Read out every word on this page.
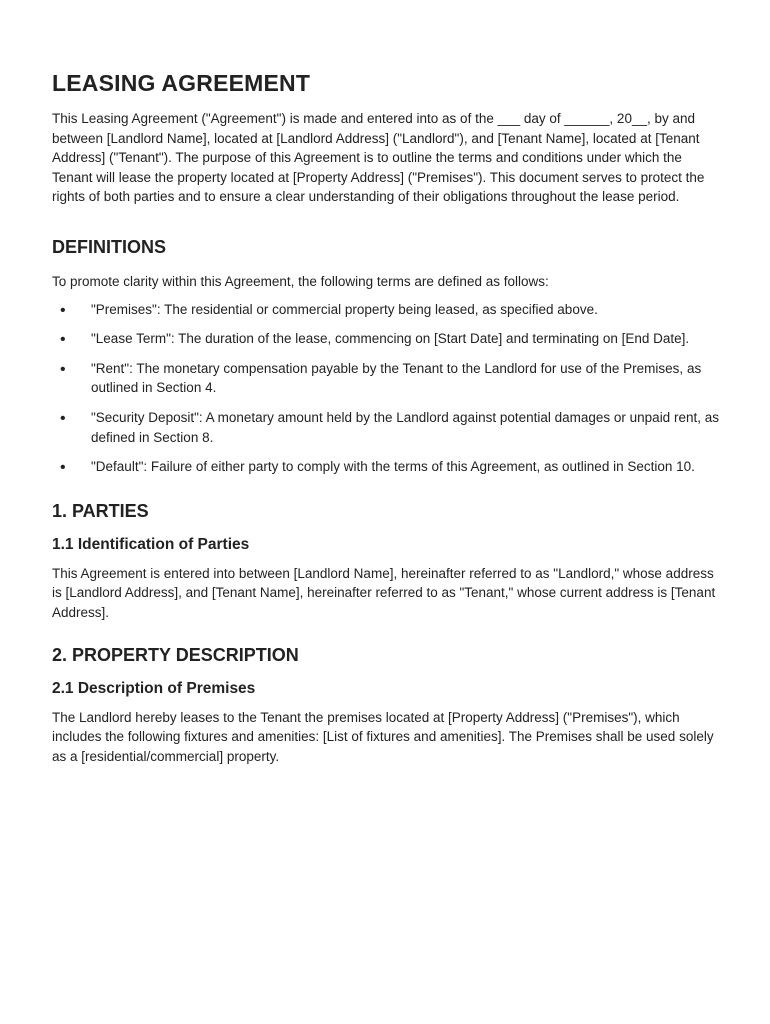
LEASING AGREEMENT

This Leasing Agreement ("Agreement") is made and entered into as of the ___ day of ______, 20__, by and between [Landlord Name], located at [Landlord Address] ("Landlord"), and [Tenant Name], located at [Tenant Address] ("Tenant"). The purpose of this Agreement is to outline the terms and conditions under which the Tenant will lease the property located at [Property Address] ("Premises"). This document serves to protect the rights of both parties and to ensure a clear understanding of their obligations throughout the lease period.

DEFINITIONS

To promote clarity within this Agreement, the following terms are defined as follows:

• "Premises": The residential or commercial property being leased, as specified above.
• "Lease Term": The duration of the lease, commencing on [Start Date] and terminating on [End Date].
• "Rent": The monetary compensation payable by the Tenant to the Landlord for use of the Premises, as outlined in Section 4.
• "Security Deposit": A monetary amount held by the Landlord against potential damages or unpaid rent, as defined in Section 8.
• "Default": Failure of either party to comply with the terms of this Agreement, as outlined in Section 10.
1. PARTIES
1.1 Identification of Parties

This Agreement is entered into between [Landlord Name], hereinafter referred to as "Landlord," whose address is [Landlord Address], and [Tenant Name], hereinafter referred to as "Tenant," whose current address is [Tenant Address].

2. PROPERTY DESCRIPTION
2.1 Description of Premises

The Landlord hereby leases to the Tenant the premises located at [Property Address] ("Premises"), which includes the following fixtures and amenities: [List of fixtures and amenities]. The Premises shall be used solely as a [residential/commercial] property.
